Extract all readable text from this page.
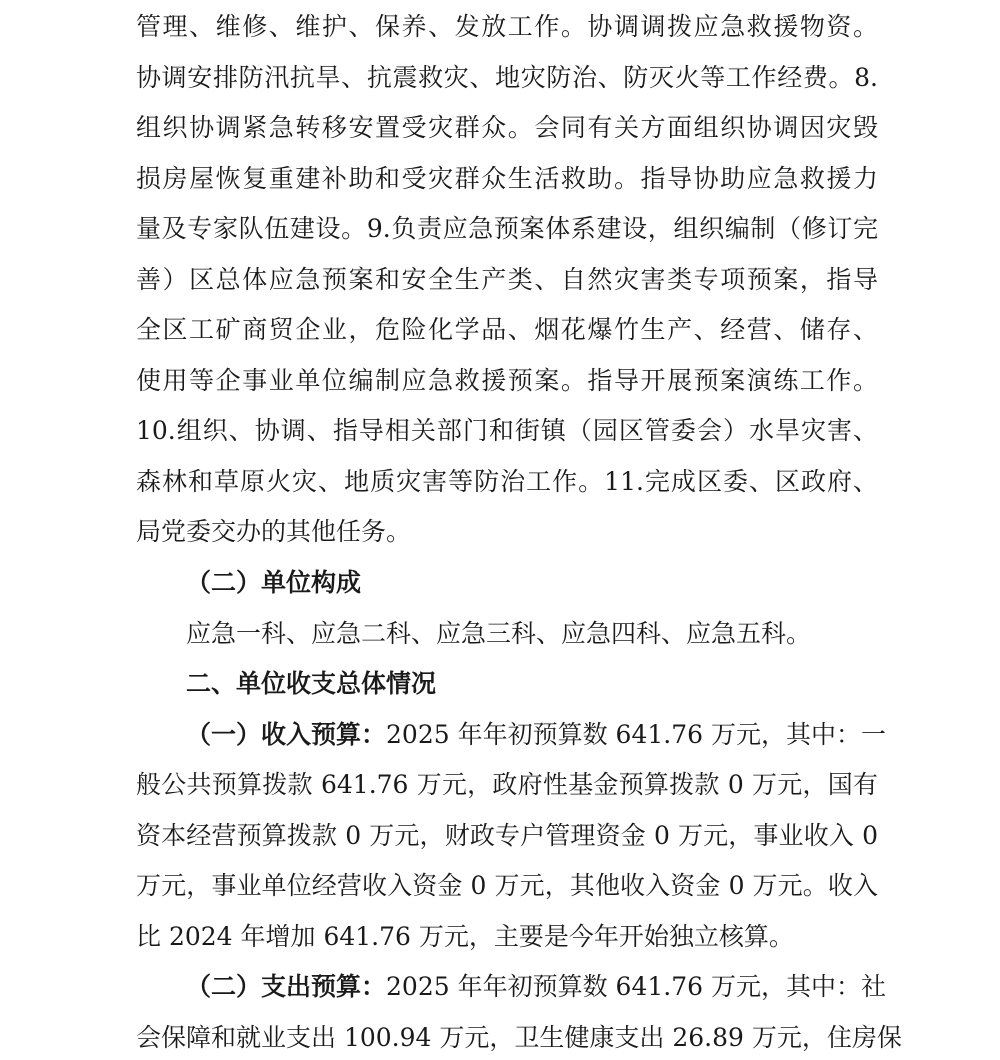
管理、维修、维护、保养、发放工作。协调调拨应急救援物资。
协调安排防汛抗旱、抗震救灾、地灾防治、防灭火等工作经费。8.
组织协调紧急转移安置受灾群众。会同有关方面组织协调因灾毁
损房屋恢复重建补助和受灾群众生活救助。指导协助应急救援力
量及专家队伍建设。9.负责应急预案体系建设，组织编制（修订完
善）区总体应急预案和安全生产类、自然灾害类专项预案，指导
全区工矿商贸企业，危险化学品、烟花爆竹生产、经营、储存、
使用等企事业单位编制应急救援预案。指导开展预案演练工作。
10.组织、协调、指导相关部门和街镇（园区管委会）水旱灾害、
森林和草原火灾、地质灾害等防治工作。11.完成区委、区政府、
局党委交办的其他任务。
（二）单位构成
应急一科、应急二科、应急三科、应急四科、应急五科。
二、单位收支总体情况
（一）收入预算：2025 年年初预算数 641.76 万元，其中：一
般公共预算拨款 641.76 万元，政府性基金预算拨款 0 万元，国有
资本经营预算拨款 0 万元，财政专户管理资金 0 万元，事业收入 0
万元，事业单位经营收入资金 0 万元，其他收入资金 0 万元。收入
比 2024 年增加 641.76 万元，主要是今年开始独立核算。
（二）支出预算：2025 年年初预算数 641.76 万元，其中：社
会保障和就业支出 100.94 万元，卫生健康支出 26.89 万元，住房保
